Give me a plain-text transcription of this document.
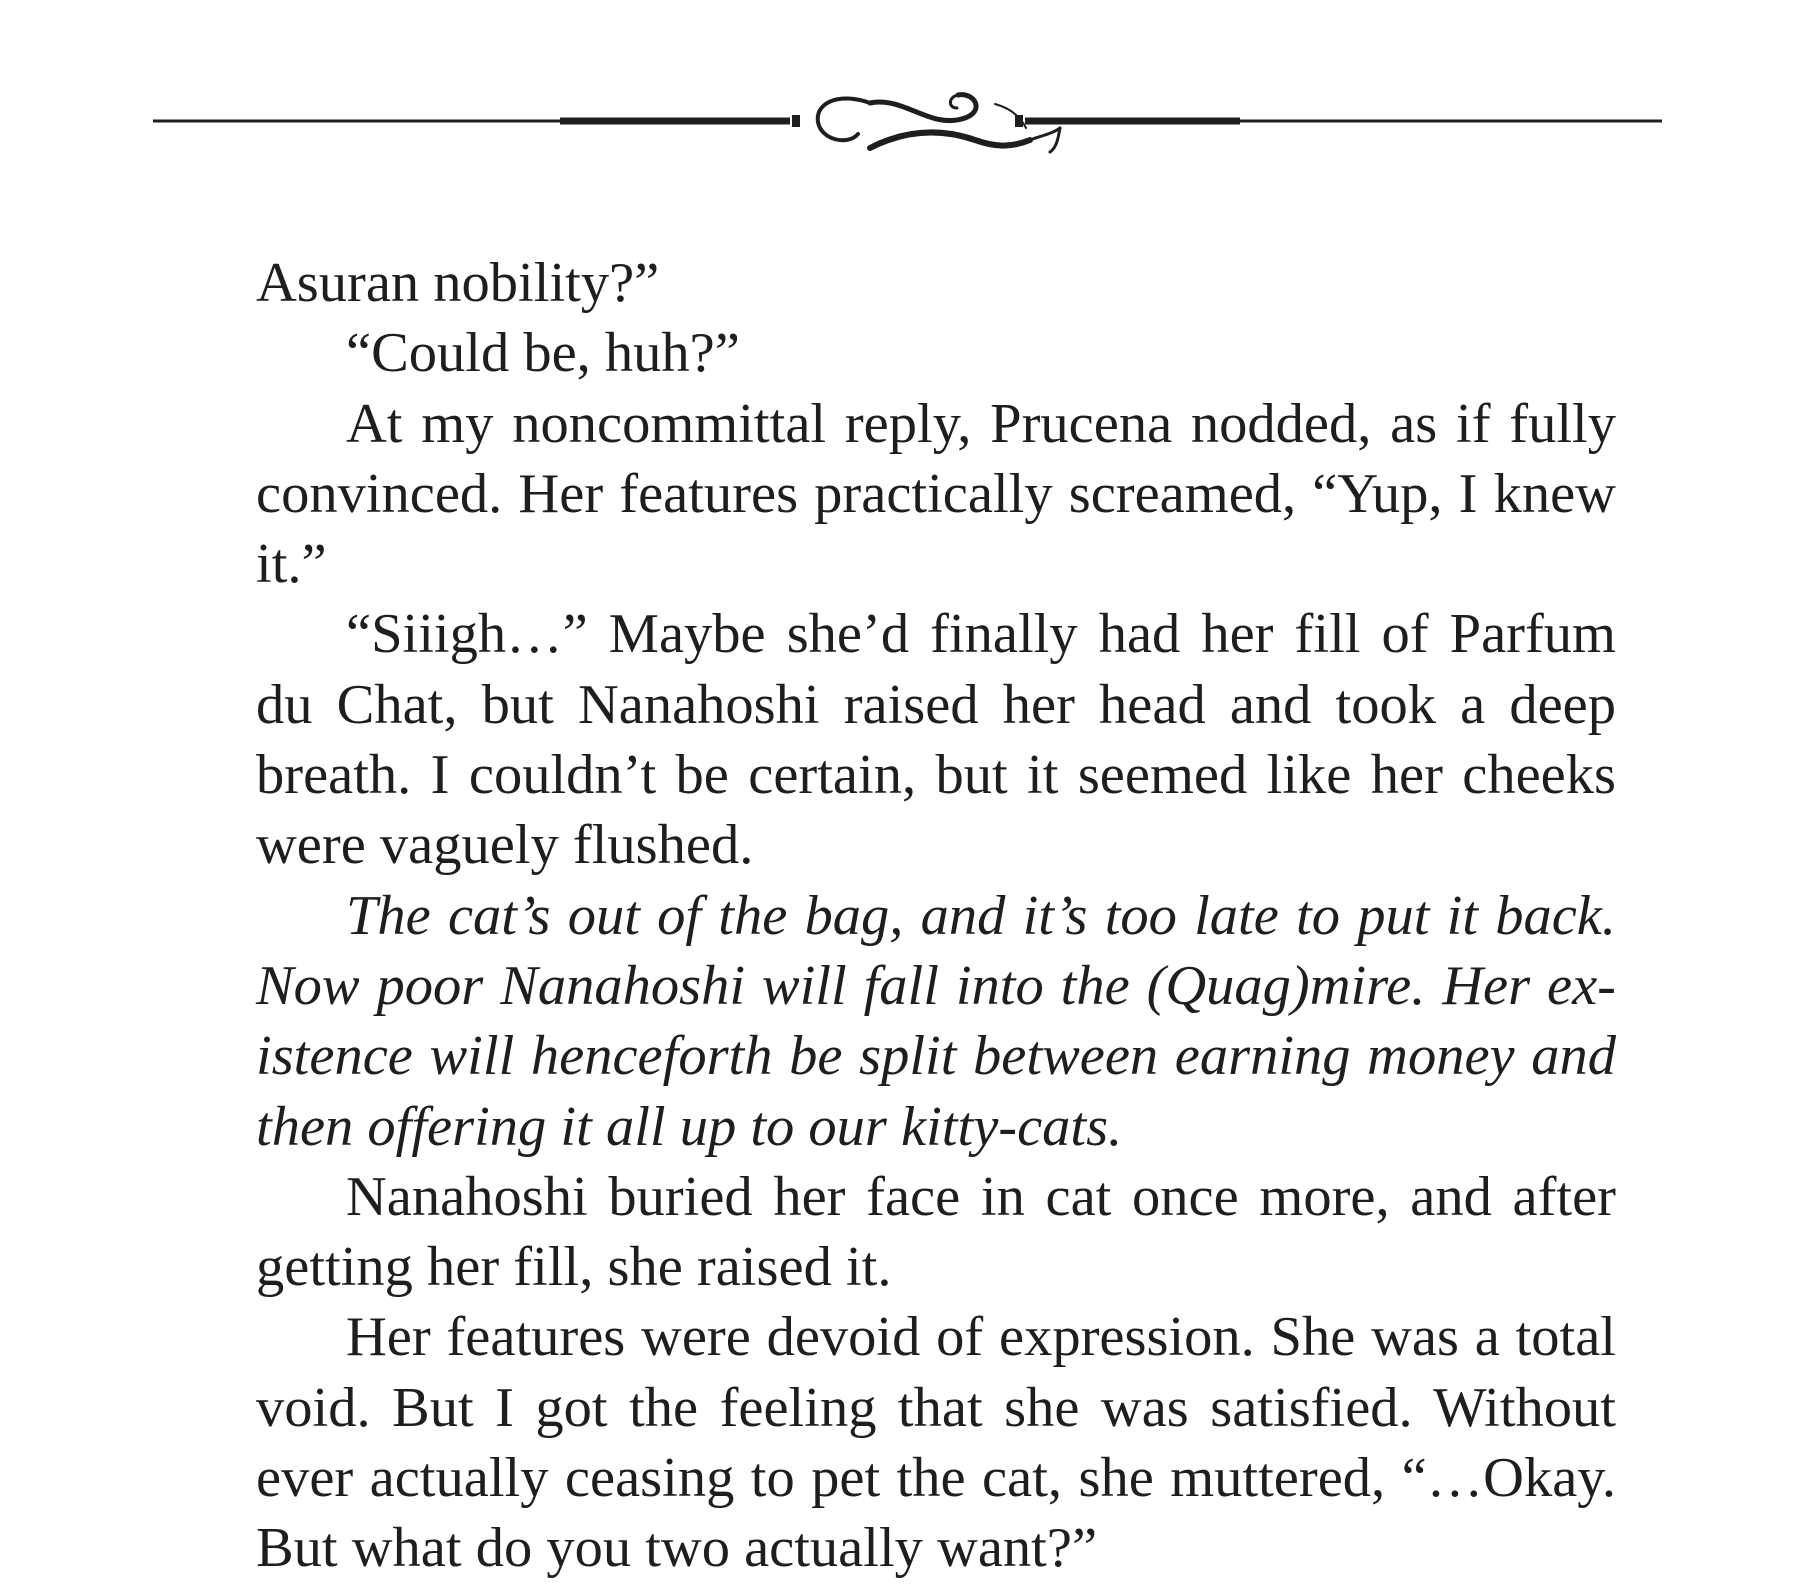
Asuran nobility?”

“Could be, huh?”

At my noncommittal reply, Prucena nodded, as if fully convinced. Her features practically screamed, “Yup, I knew it.”

“Siiigh…” Maybe she’d finally had her fill of Parfum du Chat, but Nanahoshi raised her head and took a deep breath. I couldn’t be certain, but it seemed like her cheeks were vaguely flushed.

The cat’s out of the bag, and it’s too late to put it back. Now poor Nanahoshi will fall into the (Quag)mire. Her existence will henceforth be split between earning money and then offering it all up to our kitty-cats.

Nanahoshi buried her face in cat once more, and after getting her fill, she raised it.

Her features were devoid of expression. She was a total void. But I got the feeling that she was satisfied. Without ever actually ceasing to pet the cat, she muttered, “…Okay. But what do you two actually want?”
